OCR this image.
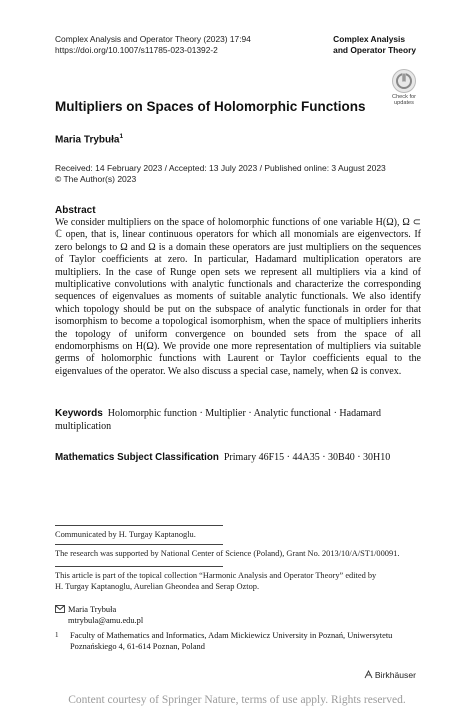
Complex Analysis and Operator Theory (2023) 17:94
https://doi.org/10.1007/s11785-023-01392-2
Complex Analysis
and Operator Theory
Check for
updates
Multipliers on Spaces of Holomorphic Functions
Maria Trybuła$^1$
Received: 14 February 2023 / Accepted: 13 July 2023 / Published online: 3 August 2023
© The Author(s) 2023
Abstract

We consider multipliers on the space of holomorphic functions of one variable H(Ω), Ω ⊂ ℂ open, that is, linear continuous operators for which all monomials are eigenvectors. If zero belongs to Ω and Ω is a domain these operators are just multipliers on the sequences of Taylor coefficients at zero. In particular, Hadamard multiplication operators are multipliers. In the case of Runge open sets we represent all multipliers via a kind of multiplicative convolutions with analytic functionals and characterize the corresponding sequences of eigenvalues as moments of suitable analytic functionals. We also identify which topology should be put on the subspace of analytic functionals in order for that isomorphism to become a topological isomorphism, when the space of multipliers inherits the topology of uniform convergence on bounded sets from the space of all endomorphisms on H(Ω). We provide one more representation of multipliers via suitable germs of holomorphic functions with Laurent or Taylor coefficients equal to the eigenvalues of the operator. We also discuss a special case, namely, when Ω is convex.

Keywords Holomorphic function · Multiplier · Analytic functional · Hadamard multiplication
Mathematics Subject Classification Primary 46F15 · 44A35 · 30B40 · 30H10
Communicated by H. Turgay Kaptanoglu.
The research was supported by National Center of Science (Poland), Grant No. 2013/10/A/ST1/00091.
This article is part of the topical collection “Harmonic Analysis and Operator Theory” edited by
H. Turgay Kaptanoglu, Aurelian Gheondea and Serap Oztop.
Maria Trybuła
mtrybula@amu.edu.pl
1 Faculty of Mathematics and Informatics, Adam Mickiewicz University in Poznań, Uniwersytetu
Poznańskiego 4, 61-614 Poznan, Poland
Birkhäuser
Content courtesy of Springer Nature, terms of use apply. Rights reserved.
